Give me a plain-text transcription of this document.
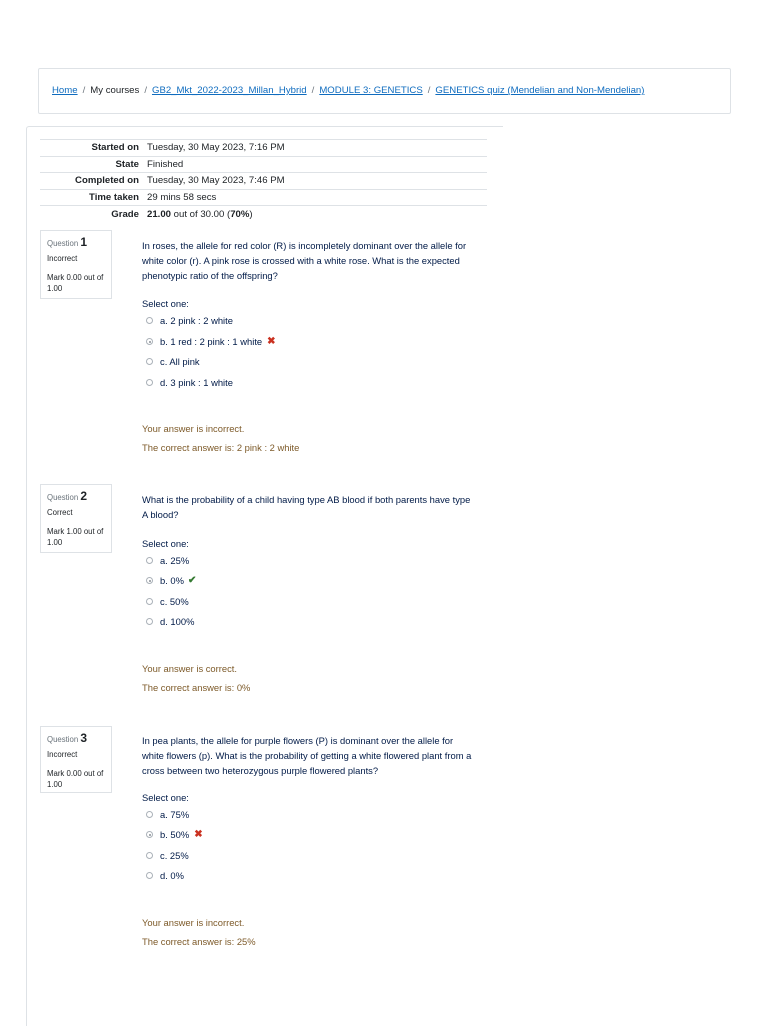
Home / My courses / GB2_Mkt_2022-2023_Millan_Hybrid / MODULE 3: GENETICS / GENETICS quiz (Mendelian and Non-Mendelian)
Started on	Tuesday, 30 May 2023, 7:16 PM
State	Finished
Completed on	Tuesday, 30 May 2023, 7:46 PM
Time taken	29 mins 58 secs
Grade	21.00 out of 30.00 (70%)
Question 1
Incorrect
Mark 0.00 out of 1.00
In roses, the allele for red color (R) is incompletely dominant over the allele for white color (r). A pink rose is crossed with a white rose. What is the expected phenotypic ratio of the offspring?
Select one:
a. 2 pink : 2 white
b. 1 red : 2 pink : 1 white ✖
c. All pink
d. 3 pink : 1 white
Your answer is incorrect.
The correct answer is: 2 pink : 2 white
Question 2
Correct
Mark 1.00 out of 1.00
What is the probability of a child having type AB blood if both parents have type A blood?
Select one:
a. 25%
b. 0% ✔
c. 50%
d. 100%
Your answer is correct.
The correct answer is: 0%
Question 3
Incorrect
Mark 0.00 out of 1.00
In pea plants, the allele for purple flowers (P) is dominant over the allele for white flowers (p). What is the probability of getting a white flowered plant from a cross between two heterozygous purple flowered plants?
Select one:
a. 75%
b. 50% ✖
c. 25%
d. 0%
Your answer is incorrect.
The correct answer is: 25%
